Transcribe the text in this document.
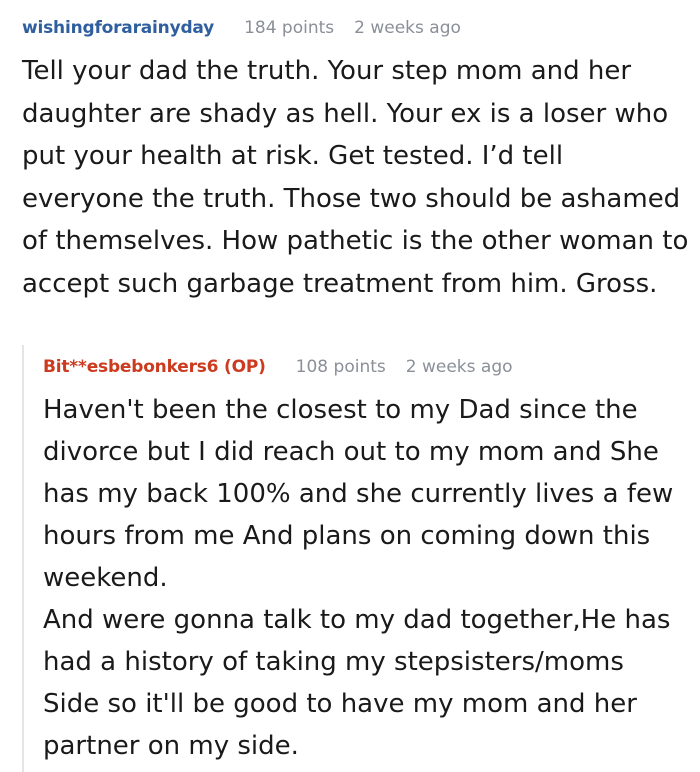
wishingforarainyday 184 points 2 weeks ago

Tell your dad the truth. Your step mom and her daughter are shady as hell. Your ex is a loser who put your health at risk. Get tested. I’d tell everyone the truth. Those two should be ashamed of themselves. How pathetic is the other woman to accept such garbage treatment from him. Gross.

Bit**esbebonkers6 (OP) 108 points 2 weeks ago

Haven't been the closest to my Dad since the divorce but I did reach out to my mom and She has my back 100% and she currently lives a few hours from me And plans on coming down this weekend.

And were gonna talk to my dad together,He has had a history of taking my stepsisters/moms Side so it'll be good to have my mom and her partner on my side.
